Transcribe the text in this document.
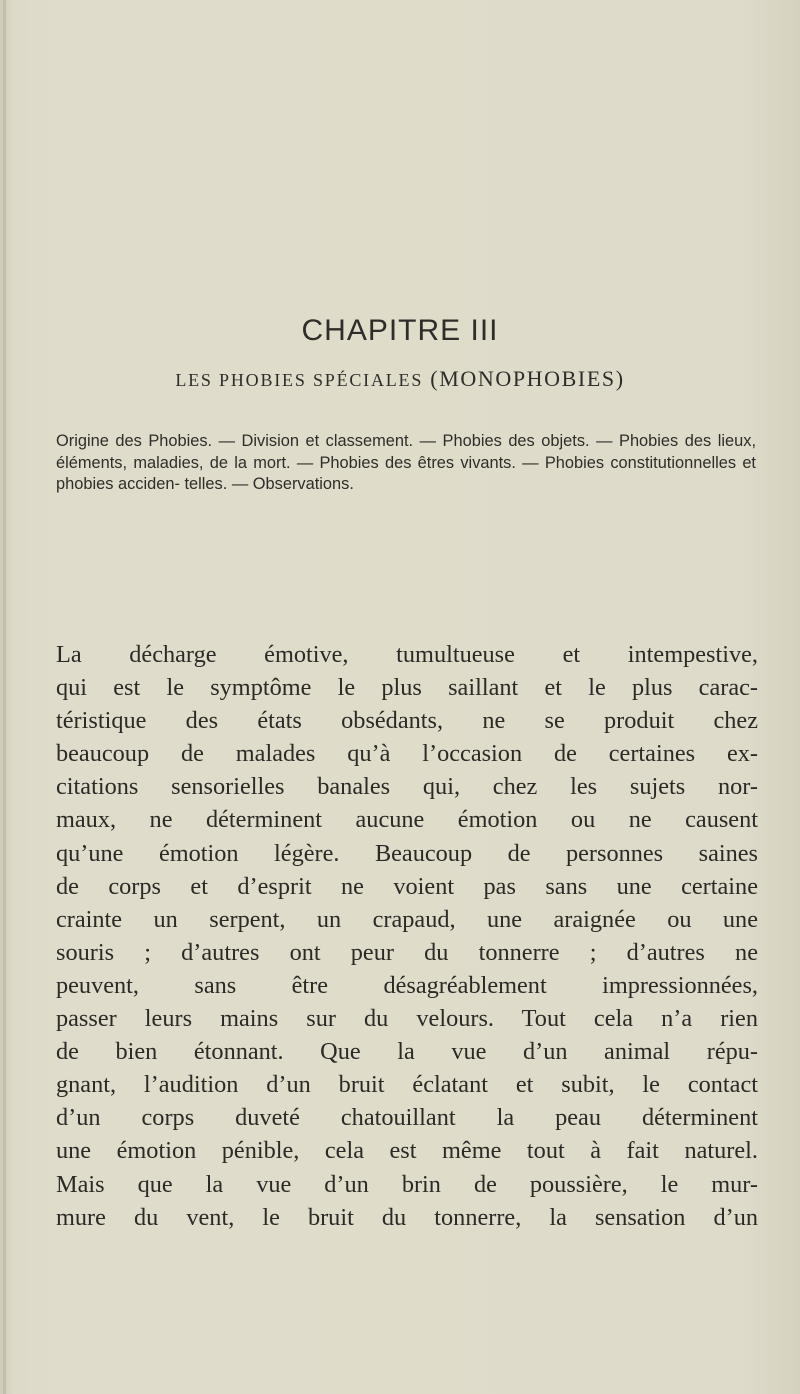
CHAPITRE III
LES PHOBIES SPÉCIALES (MONOPHOBIES)
Origine des Phobies. — Division et classement. — Phobies des objets. — Phobies des lieux, éléments, maladies, de la mort. — Phobies des êtres vivants. — Phobies constitutionnelles et phobies acciden- telles. — Observations.
La décharge émotive, tumultueuse et intempestive,
qui est le symptôme le plus saillant et le plus carac-
téristique des états obsédants, ne se produit chez
beaucoup de malades qu’à l’occasion de certaines ex-
citations sensorielles banales qui, chez les sujets nor-
maux, ne déterminent aucune émotion ou ne causent
qu’une émotion légère. Beaucoup de personnes saines
de corps et d’esprit ne voient pas sans une certaine
crainte un serpent, un crapaud, une araignée ou une
souris ; d’autres ont peur du tonnerre ; d’autres ne
peuvent, sans être désagréablement impressionnées,
passer leurs mains sur du velours. Tout cela n’a rien
de bien étonnant. Que la vue d’un animal répu-
gnant, l’audition d’un bruit éclatant et subit, le contact
d’un corps duveté chatouillant la peau déterminent
une émotion pénible, cela est même tout à fait naturel.
Mais que la vue d’un brin de poussière, le mur-
mure du vent, le bruit du tonnerre, la sensation d’un
